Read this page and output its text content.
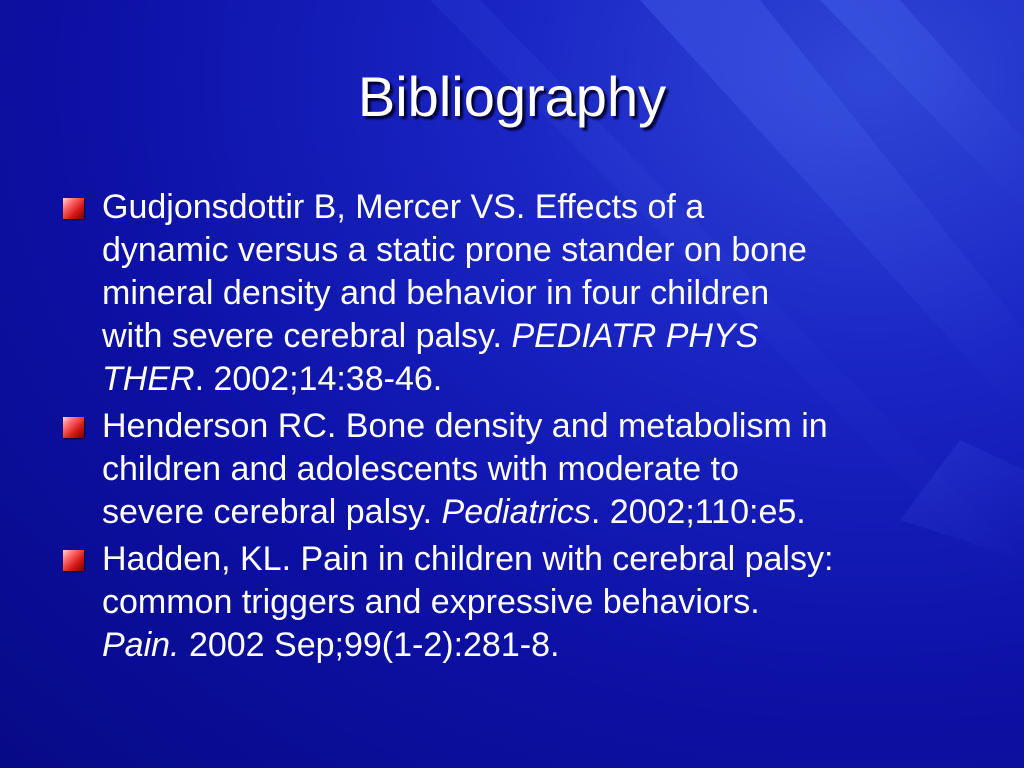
Bibliography
Gudjonsdottir B, Mercer VS. Effects of a
dynamic versus a static prone stander on bone
mineral density and behavior in four children
with severe cerebral palsy. PEDIATR PHYS
THER. 2002;14:38-46.
Henderson RC. Bone density and metabolism in
children and adolescents with moderate to
severe cerebral palsy. Pediatrics. 2002;110:e5.
Hadden, KL. Pain in children with cerebral palsy:
common triggers and expressive behaviors.
Pain. 2002 Sep;99(1-2):281-8.
